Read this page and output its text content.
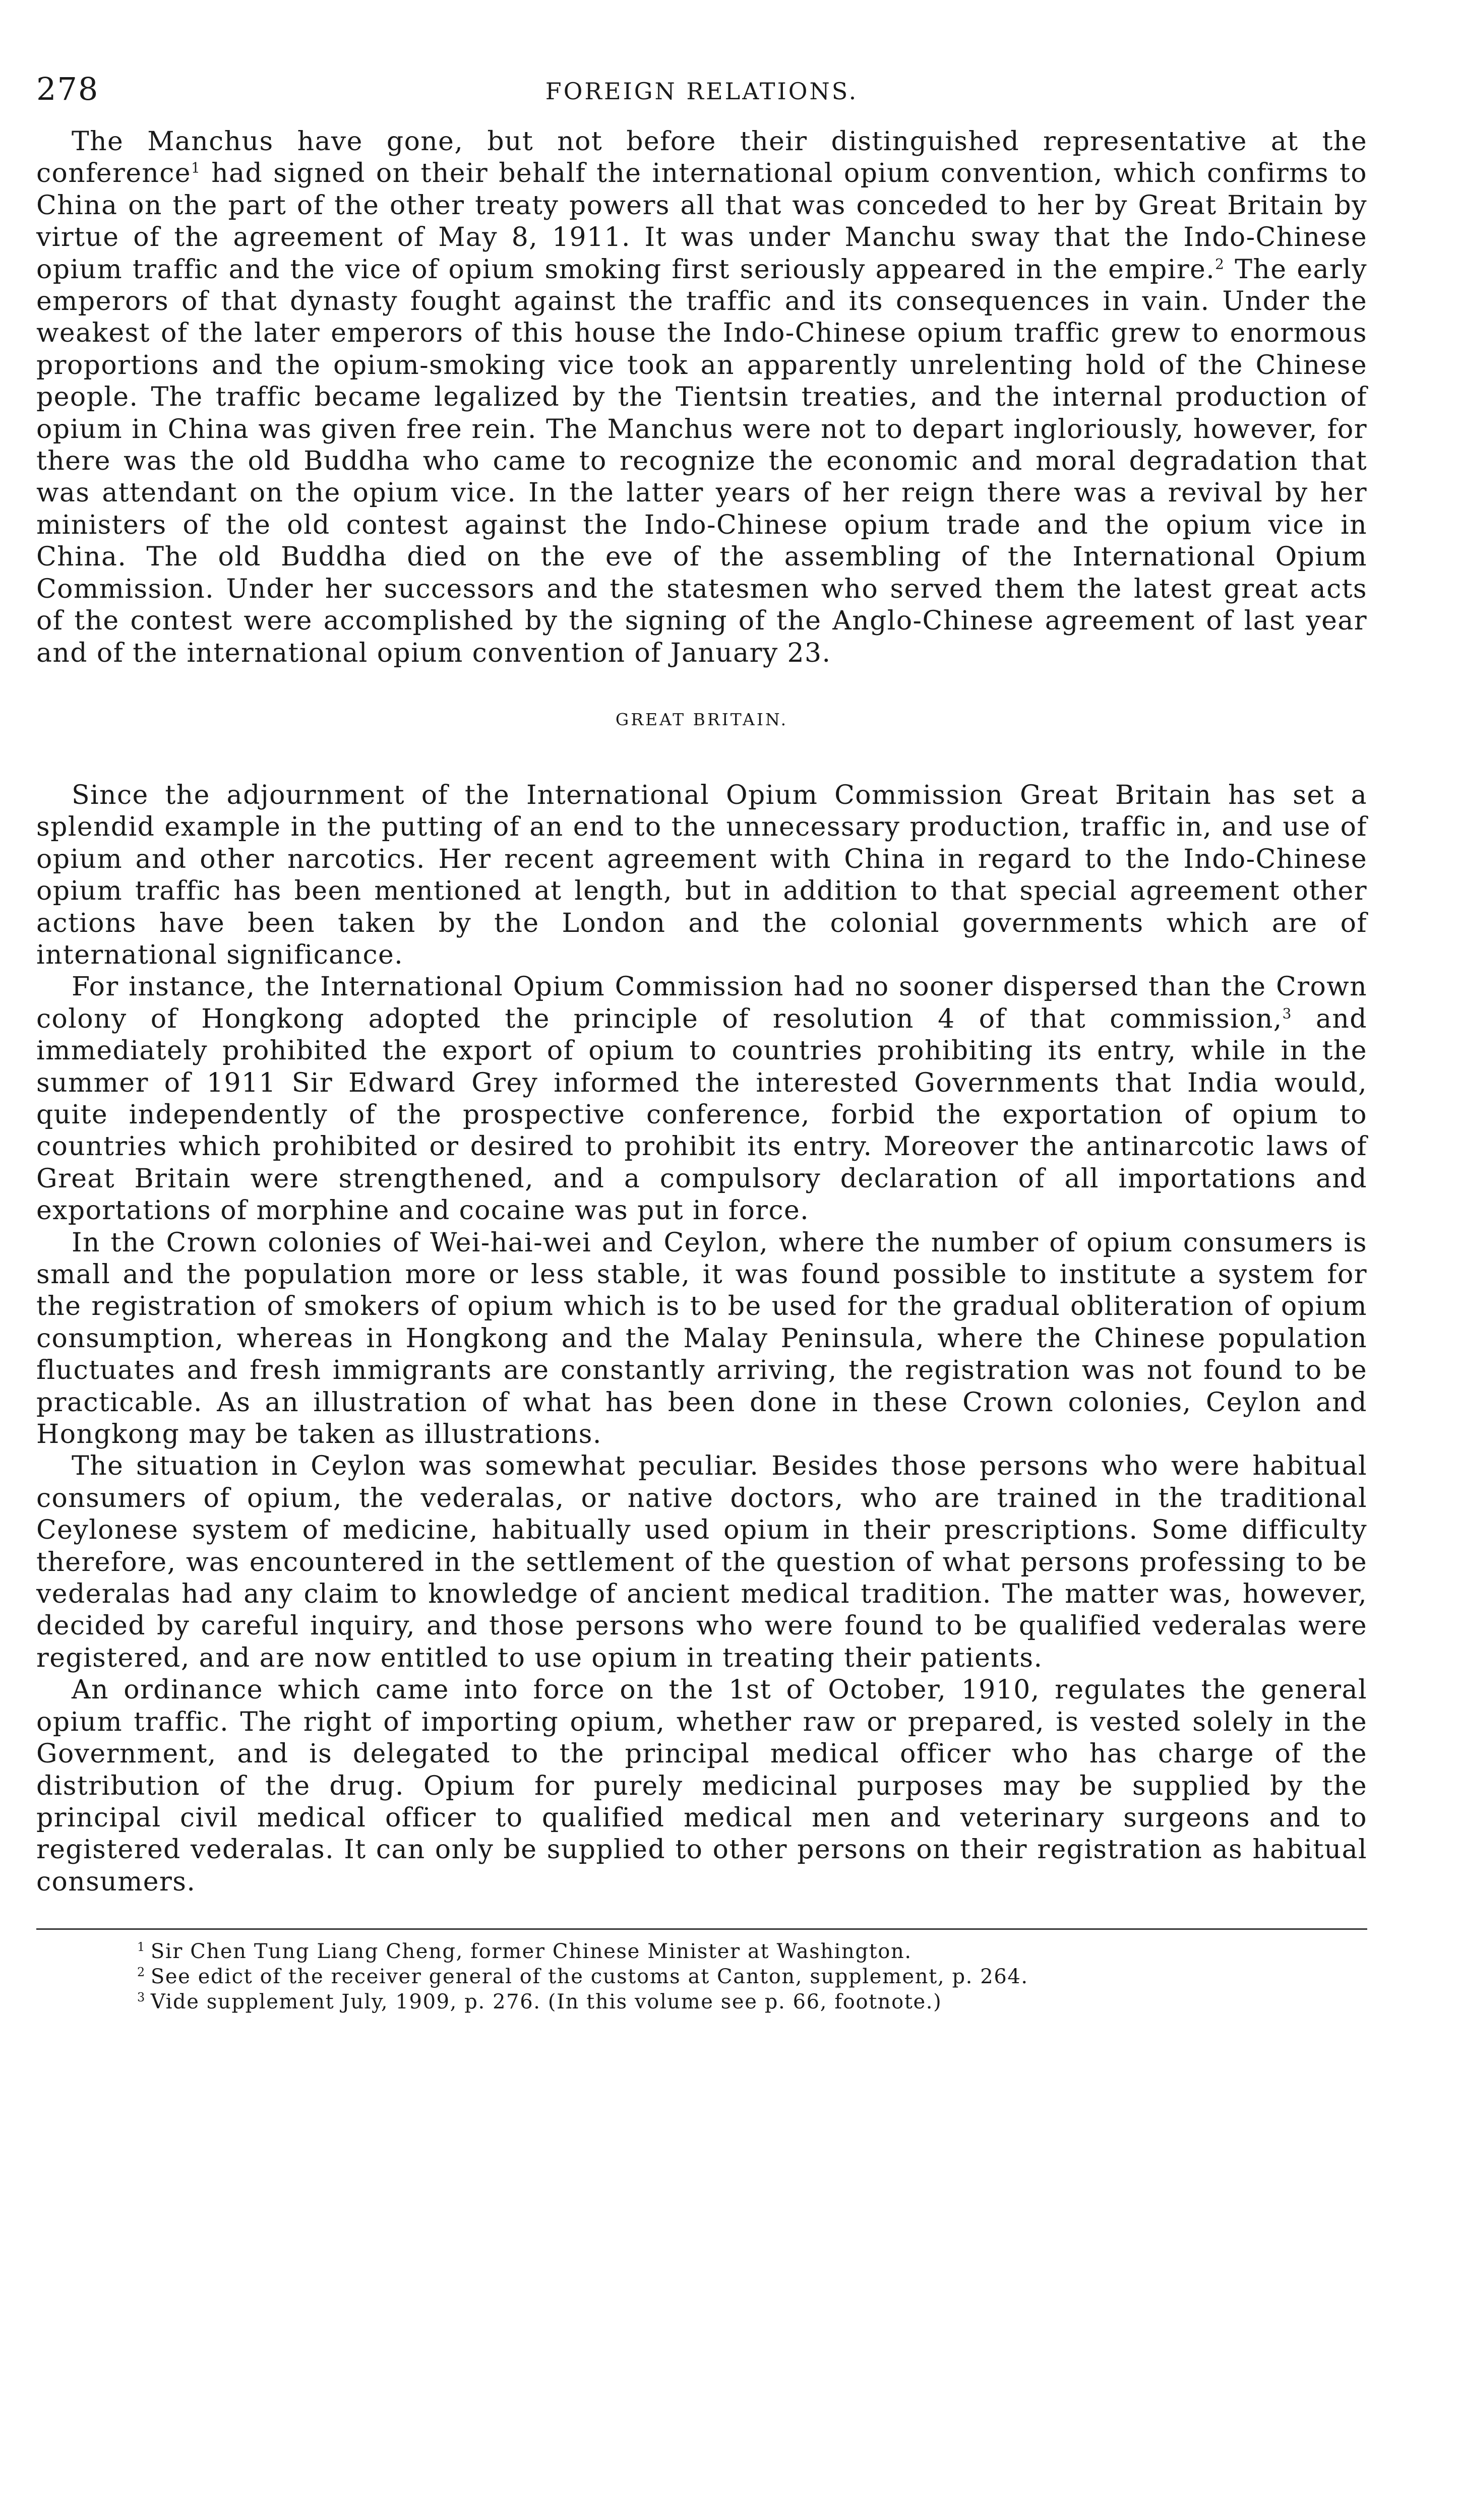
278	FOREIGN RELATIONS.

The Manchus have gone, but not before their distinguished representative at the conference$^1$ had signed on their behalf the international opium convention, which confirms to China on the part of the other treaty powers all that was conceded to her by Great Britain by virtue of the agreement of May 8, 1911. It was under Manchu sway that the Indo-Chinese opium traffic and the vice of opium smoking first seriously appeared in the empire.$^2$ The early emperors of that dynasty fought against the traffic and its consequences in vain. Under the weakest of the later emperors of this house the Indo-Chinese opium traffic grew to enormous proportions and the opium-smoking vice took an apparently unrelenting hold of the Chinese people. The traffic became legalized by the Tientsin treaties, and the internal production of opium in China was given free rein. The Manchus were not to depart ingloriously, however, for there was the old Buddha who came to recognize the economic and moral degradation that was attendant on the opium vice. In the latter years of her reign there was a revival by her ministers of the old contest against the Indo-Chinese opium trade and the opium vice in China. The old Buddha died on the eve of the assembling of the International Opium Commission. Under her successors and the statesmen who served them the latest great acts of the contest were accomplished by the signing of the Anglo-Chinese agreement of last year and of the international opium convention of January 23.

GREAT BRITAIN.

Since the adjournment of the International Opium Commission Great Britain has set a splendid example in the putting of an end to the unnecessary production, traffic in, and use of opium and other narcotics. Her recent agreement with China in regard to the Indo-Chinese opium traffic has been mentioned at length, but in addition to that special agreement other actions have been taken by the London and the colonial governments which are of international significance.

For instance, the International Opium Commission had no sooner dispersed than the Crown colony of Hongkong adopted the principle of resolution 4 of that commission,$^3$ and immediately prohibited the export of opium to countries prohibiting its entry, while in the summer of 1911 Sir Edward Grey informed the interested Governments that India would, quite independently of the prospective conference, forbid the exportation of opium to countries which prohibited or desired to prohibit its entry. Moreover the antinarcotic laws of Great Britain were strengthened, and a compulsory declaration of all importations and exportations of morphine and cocaine was put in force.

In the Crown colonies of Wei-hai-wei and Ceylon, where the number of opium consumers is small and the population more or less stable, it was found possible to institute a system for the registration of smokers of opium which is to be used for the gradual obliteration of opium consumption, whereas in Hongkong and the Malay Peninsula, where the Chinese population fluctuates and fresh immigrants are constantly arriving, the registration was not found to be practicable. As an illustration of what has been done in these Crown colonies, Ceylon and Hongkong may be taken as illustrations.

The situation in Ceylon was somewhat peculiar. Besides those persons who were habitual consumers of opium, the vederalas, or native doctors, who are trained in the traditional Ceylonese system of medicine, habitually used opium in their prescriptions. Some difficulty therefore, was encountered in the settlement of the question of what persons professing to be vederalas had any claim to knowledge of ancient medical tradition. The matter was, however, decided by careful inquiry, and those persons who were found to be qualified vederalas were registered, and are now entitled to use opium in treating their patients.

An ordinance which came into force on the 1st of October, 1910, regulates the general opium traffic. The right of importing opium, whether raw or prepared, is vested solely in the Government, and is delegated to the principal medical officer who has charge of the distribution of the drug. Opium for purely medicinal purposes may be supplied by the principal civil medical officer to qualified medical men and veterinary surgeons and to registered vederalas. It can only be supplied to other persons on their registration as habitual consumers.

$^1$ Sir Chen Tung Liang Cheng, former Chinese Minister at Washington.
$^2$ See edict of the receiver general of the customs at Canton, supplement, p. 264.
$^3$ Vide supplement July, 1909, p. 276. (In this volume see p. 66, footnote.)
